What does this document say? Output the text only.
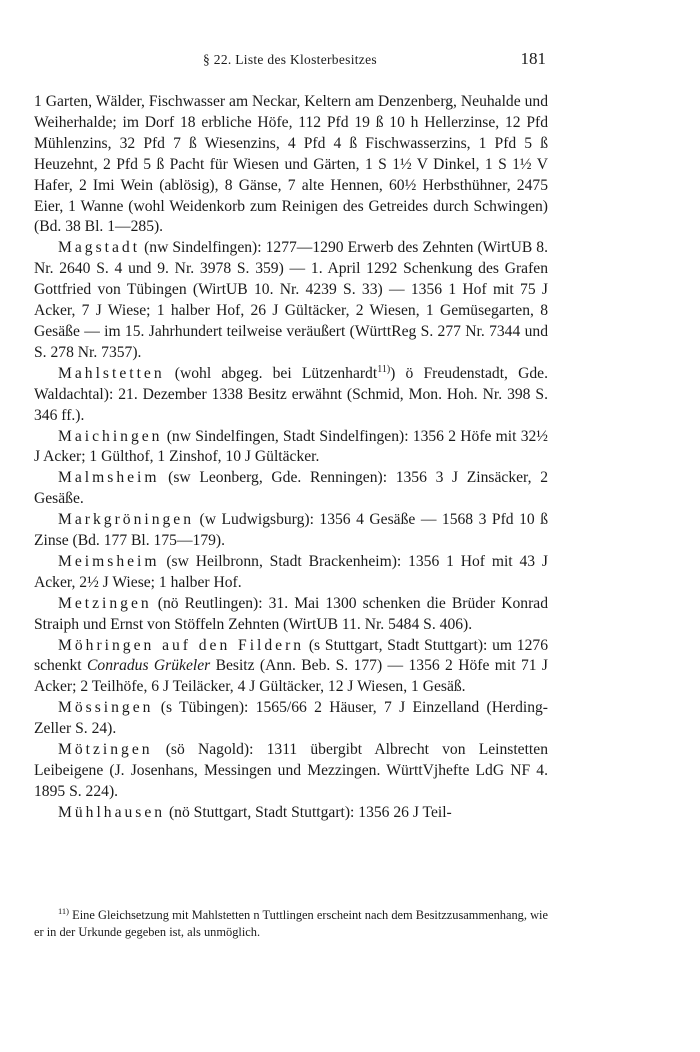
§ 22. Liste des Klosterbesitzes	181

1 Garten, Wälder, Fischwasser am Neckar, Keltern am Denzenberg, Neuhalde und Weiherhalde; im Dorf 18 erbliche Höfe, 112 Pfd 19 ß 10 h Hellerzinse, 12 Pfd Mühlenzins, 32 Pfd 7 ß Wiesenzins, 4 Pfd 4 ß Fischwasserzins, 1 Pfd 5 ß Heuzehnt, 2 Pfd 5 ß Pacht für Wiesen und Gärten, 1 S 1½ V Dinkel, 1 S 1½ V Hafer, 2 Imi Wein (ablösig), 8 Gänse, 7 alte Hennen, 60½ Herbsthühner, 2475 Eier, 1 Wanne (wohl Weidenkorb zum Reinigen des Getreides durch Schwingen) (Bd. 38 Bl. 1—285).

Magstadt (nw Sindelfingen): 1277—1290 Erwerb des Zehnten (WirtUB 8. Nr. 2640 S. 4 und 9. Nr. 3978 S. 359) — 1. April 1292 Schenkung des Grafen Gottfried von Tübingen (WirtUB 10. Nr. 4239 S. 33) — 1356 1 Hof mit 75 J Acker, 7 J Wiese; 1 halber Hof, 26 J Gültäcker, 2 Wiesen, 1 Gemüsegarten, 8 Gesäße — im 15. Jahrhundert teilweise veräußert (WürttReg S. 277 Nr. 7344 und S. 278 Nr. 7357).

Mahlstetten (wohl abgeg. bei Lützenhardt$^{11)}$) ö Freudenstadt, Gde. Waldachtal): 21. Dezember 1338 Besitz erwähnt (Schmid, Mon. Hoh. Nr. 398 S. 346 ff.).

Maichingen (nw Sindelfingen, Stadt Sindelfingen): 1356 2 Höfe mit 32½ J Acker; 1 Gülthof, 1 Zinshof, 10 J Gültäcker.

Malmsheim (sw Leonberg, Gde. Renningen): 1356 3 J Zinsäcker, 2 Gesäße.

Markgröningen (w Ludwigsburg): 1356 4 Gesäße — 1568 3 Pfd 10 ß Zinse (Bd. 177 Bl. 175—179).

Meimsheim (sw Heilbronn, Stadt Brackenheim): 1356 1 Hof mit 43 J Acker, 2½ J Wiese; 1 halber Hof.

Metzingen (nö Reutlingen): 31. Mai 1300 schenken die Brüder Konrad Straiph und Ernst von Stöffeln Zehnten (WirtUB 11. Nr. 5484 S. 406).

Möhringen auf den Fildern (s Stuttgart, Stadt Stuttgart): um 1276 schenkt Conradus Grükeler Besitz (Ann. Beb. S. 177) — 1356 2 Höfe mit 71 J Acker; 2 Teilhöfe, 6 J Teiläcker, 4 J Gültäcker, 12 J Wiesen, 1 Gesäß.

Mössingen (s Tübingen): 1565/66 2 Häuser, 7 J Einzelland (Herding-Zeller S. 24).

Mötzingen (sö Nagold): 1311 übergibt Albrecht von Leinstetten Leibeigene (J. Josenhans, Messingen und Mezzingen. WürttVjhefte LdG NF 4. 1895 S. 224).

Mühlhausen (nö Stuttgart, Stadt Stuttgart): 1356 26 J Teil-

$^{11)}$ Eine Gleichsetzung mit Mahlstetten n Tuttlingen erscheint nach dem Besitzzusammenhang, wie er in der Urkunde gegeben ist, als unmöglich.
